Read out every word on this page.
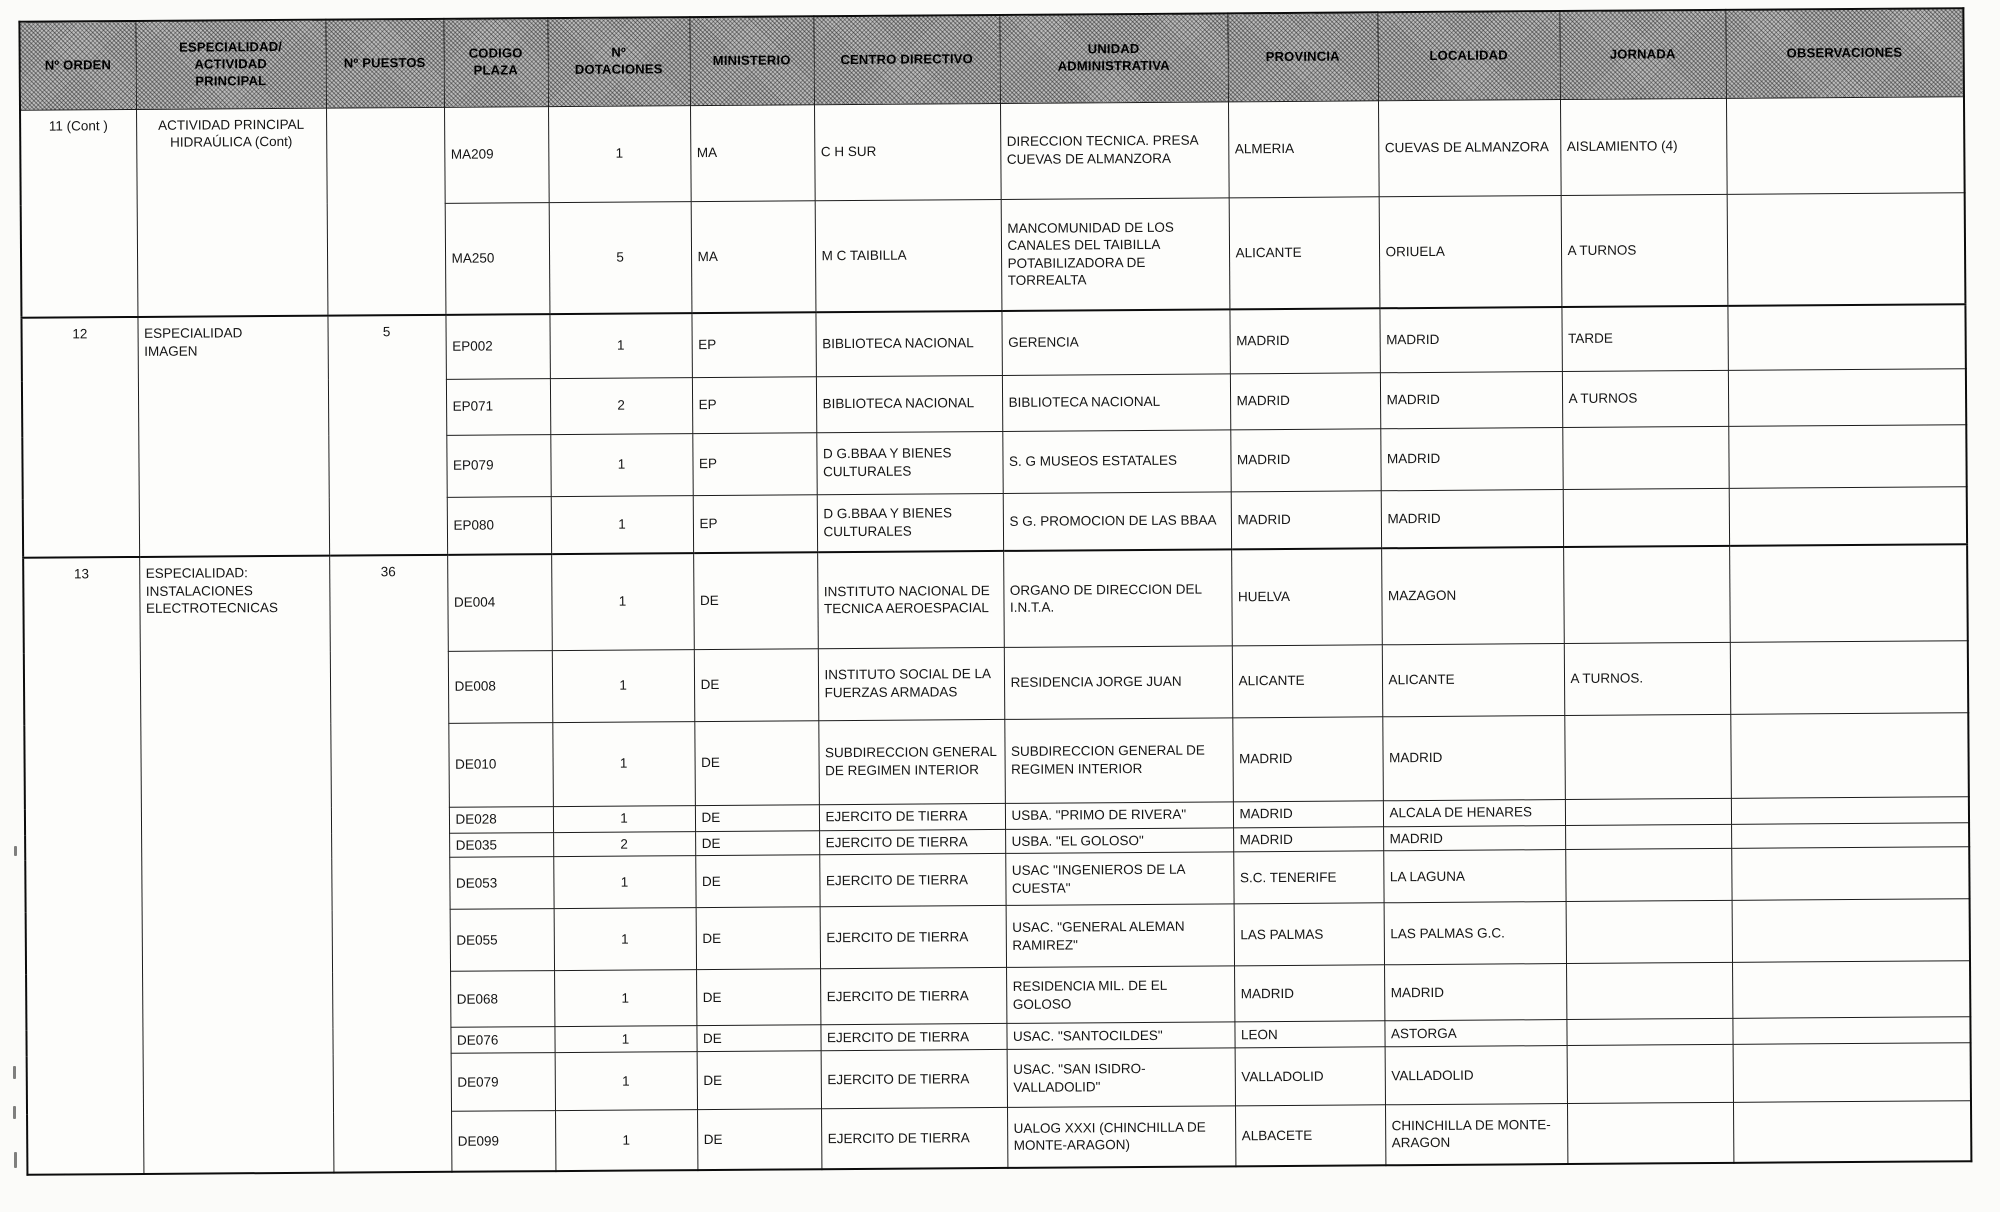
Nº ORDEN	ESPECIALIDAD/
ACTIVIDAD
PRINCIPAL	Nº PUESTOS	CODIGO
PLAZA	Nº
DOTACIONES	MINISTERIO	CENTRO DIRECTIVO	UNIDAD
ADMINISTRATIVA	PROVINCIA	LOCALIDAD	JORNADA	OBSERVACIONES
11 (Cont )	ACTIVIDAD PRINCIPAL
HIDRAÚLICA (Cont)		MA209	1	MA	C H SUR	DIRECCION TECNICA. PRESA CUEVAS DE ALMANZORA	ALMERIA	CUEVAS DE ALMANZORA	AISLAMIENTO (4)	
			MA250	5	MA	M C TAIBILLA	MANCOMUNIDAD DE LOS CANALES DEL TAIBILLA POTABILIZADORA DE TORREALTA	ALICANTE	ORIUELA	A TURNOS	
12	ESPECIALIDAD
IMAGEN	5	EP002	1	EP	BIBLIOTECA NACIONAL	GERENCIA	MADRID	MADRID	TARDE	
			EP071	2	EP	BIBLIOTECA NACIONAL	BIBLIOTECA NACIONAL	MADRID	MADRID	A TURNOS	
			EP079	1	EP	D G.BBAA Y BIENES CULTURALES	S. G MUSEOS ESTATALES	MADRID	MADRID		
			EP080	1	EP	D G.BBAA Y BIENES CULTURALES	S G. PROMOCION DE LAS BBAA	MADRID	MADRID		
13	ESPECIALIDAD:
INSTALACIONES
ELECTROTECNICAS	36	DE004	1	DE	INSTITUTO NACIONAL DE TECNICA AEROESPACIAL	ORGANO DE DIRECCION DEL I.N.T.A.	HUELVA	MAZAGON		
			DE008	1	DE	INSTITUTO SOCIAL DE LA FUERZAS ARMADAS	RESIDENCIA JORGE JUAN	ALICANTE	ALICANTE	A TURNOS.	
			DE010	1	DE	SUBDIRECCION GENERAL DE REGIMEN INTERIOR	SUBDIRECCION GENERAL DE REGIMEN INTERIOR	MADRID	MADRID		
			DE028	1	DE	EJERCITO DE TIERRA	USBA. "PRIMO DE RIVERA"	MADRID	ALCALA DE HENARES		
			DE035	2	DE	EJERCITO DE TIERRA	USBA. "EL GOLOSO"	MADRID	MADRID		
			DE053	1	DE	EJERCITO DE TIERRA	USAC "INGENIEROS DE LA CUESTA"	S.C. TENERIFE	LA LAGUNA		
			DE055	1	DE	EJERCITO DE TIERRA	USAC. "GENERAL ALEMAN RAMIREZ"	LAS PALMAS	LAS PALMAS G.C.		
			DE068	1	DE	EJERCITO DE TIERRA	RESIDENCIA MIL. DE EL GOLOSO	MADRID	MADRID		
			DE076	1	DE	EJERCITO DE TIERRA	USAC. "SANTOCILDES"	LEON	ASTORGA		
			DE079	1	DE	EJERCITO DE TIERRA	USAC. "SAN ISIDRO-VALLADOLID"	VALLADOLID	VALLADOLID		
			DE099	1	DE	EJERCITO DE TIERRA	UALOG XXXI (CHINCHILLA DE MONTE-ARAGON)	ALBACETE	CHINCHILLA DE MONTE-ARAGON		
